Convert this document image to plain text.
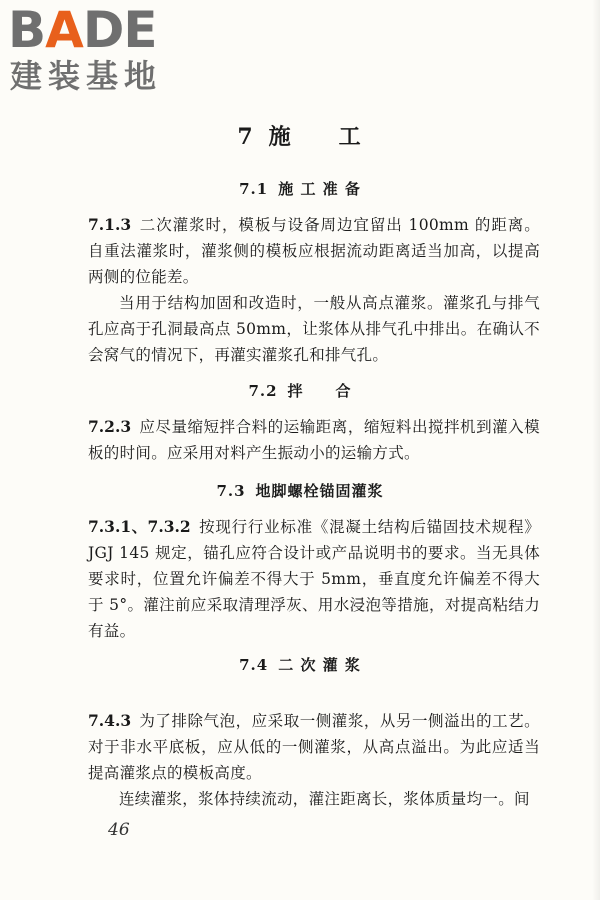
BADE
建装基地
7 施 工
7.1 施 工 准 备
7.1.3 二次灌浆时，模板与设备周边宜留出 100mm 的距离。自重法灌浆时，灌浆侧的模板应根据流动距离适当加高，以提高两侧的位能差。
当用于结构加固和改造时，一般从高点灌浆。灌浆孔与排气孔应高于孔洞最高点 50mm，让浆体从排气孔中排出。在确认不会窝气的情况下，再灌实灌浆孔和排气孔。
7.2 拌　　合
7.2.3 应尽量缩短拌合料的运输距离，缩短料出搅拌机到灌入模板的时间。应采用对料产生振动小的运输方式。
7.3 地脚螺栓锚固灌浆
7.3.1、7.3.2 按现行行业标准《混凝土结构后锚固技术规程》JGJ 145 规定，锚孔应符合设计或产品说明书的要求。当无具体要求时，位置允许偏差不得大于 5mm，垂直度允许偏差不得大于 5°。灌注前应采取清理浮灰、用水浸泡等措施，对提高粘结力有益。
7.4 二 次 灌 浆
7.4.3 为了排除气泡，应采取一侧灌浆，从另一侧溢出的工艺。对于非水平底板，应从低的一侧灌浆，从高点溢出。为此应适当提高灌浆点的模板高度。
连续灌浆，浆体持续流动，灌注距离长，浆体质量均一。间
46
